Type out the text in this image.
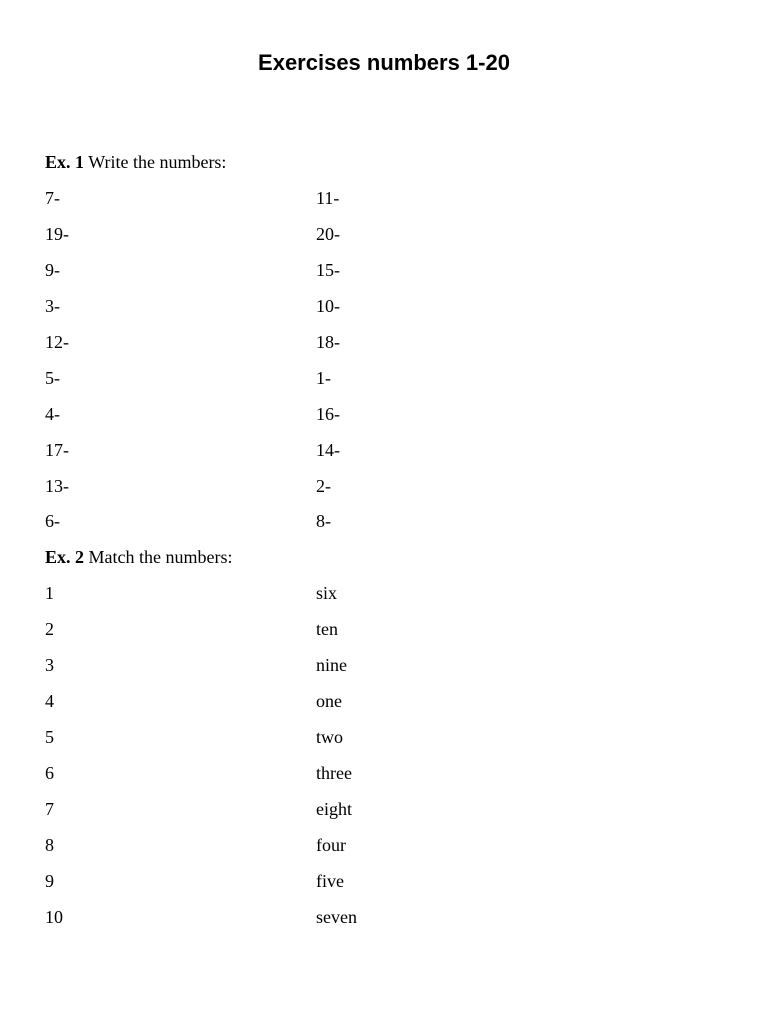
Exercises numbers 1-20
Ex. 1 Write the numbers:
7-	11-
19-	20-
9-	15-
3-	10-
12-	18-
5-	1-
4-	16-
17-	14-
13-	2-
6-	8-
Ex. 2 Match the numbers:
1	six
2	ten
3	nine
4	one
5	two
6	three
7	eight
8	four
9	five
10	seven
